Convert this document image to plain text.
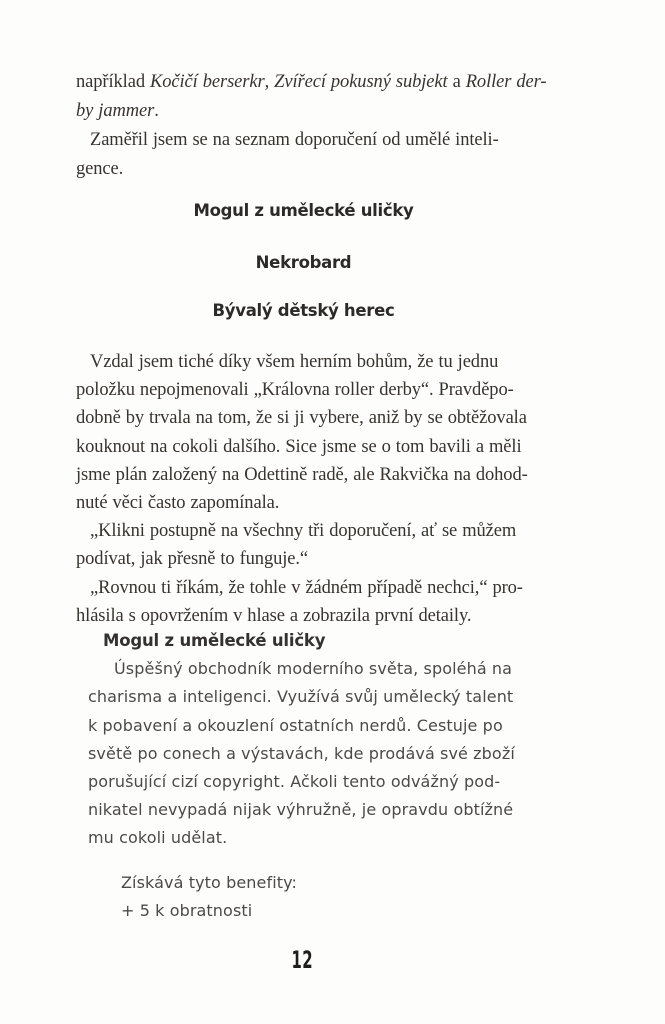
například Kočičí berserkr, Zvířecí pokusný subjekt a Roller der-
by jammer.
Zaměřil jsem se na seznam doporučení od umělé inteli-
gence.
Mogul z umělecké uličky
Nekrobard
Bývalý dětský herec
Vzdal jsem tiché díky všem herním bohům, že tu jednu
položku nepojmenovali „Královna roller derby“. Pravděpo-
dobně by trvala na tom, že si ji vybere, aniž by se obtěžovala
kouknout na cokoli dalšího. Sice jsme se o tom bavili a měli
jsme plán založený na Odettině radě, ale Rakvička na dohod-
nuté věci často zapomínala.
„Klikni postupně na všechny tři doporučení, ať se můžem
podívat, jak přesně to funguje.“
„Rovnou ti říkám, že tohle v žádném případě nechci,“ pro-
hlásila s opovržením v hlase a zobrazila první detaily.
Mogul z umělecké uličky
Úspěšný obchodník moderního světa, spoléhá na
charisma a inteligenci. Využívá svůj umělecký talent
k pobavení a okouzlení ostatních nerdů. Cestuje po
světě po conech a výstavách, kde prodává své zboží
porušující cizí copyright. Ačkoli tento odvážný pod-
nikatel nevypadá nijak výhružně, je opravdu obtížné
mu cokoli udělat.
Získává tyto benefity:
+ 5 k obratnosti
12
